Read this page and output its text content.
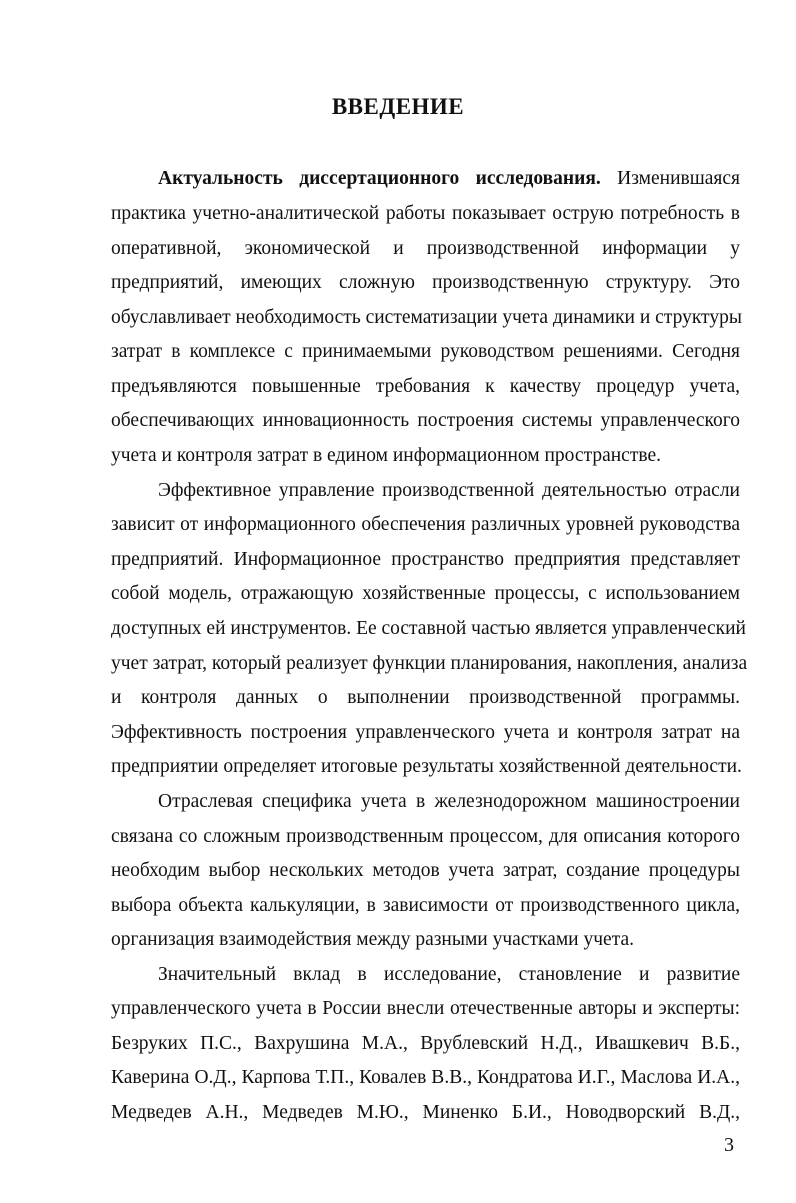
ВВЕДЕНИЕ
Актуальность диссертационного исследования. Изменившаяся
практика учетно-аналитической работы показывает острую потребность в
оперативной, экономической и производственной информации у
предприятий, имеющих сложную производственную структуру. Это
обуславливает необходимость систематизации учета динамики и структуры
затрат в комплексе с принимаемыми руководством решениями. Сегодня
предъявляются повышенные требования к качеству процедур учета,
обеспечивающих инновационность построения системы управленческого
учета и контроля затрат в едином информационном пространстве.
Эффективное управление производственной деятельностью отрасли
зависит от информационного обеспечения различных уровней руководства
предприятий. Информационное пространство предприятия представляет
собой модель, отражающую хозяйственные процессы, с использованием
доступных ей инструментов. Ее составной частью является управленческий
учет затрат, который реализует функции планирования, накопления, анализа
и контроля данных о выполнении производственной программы.
Эффективность построения управленческого учета и контроля затрат на
предприятии определяет итоговые результаты хозяйственной деятельности.
Отраслевая специфика учета в железнодорожном машиностроении
связана со сложным производственным процессом, для описания которого
необходим выбор нескольких методов учета затрат, создание процедуры
выбора объекта калькуляции, в зависимости от производственного цикла,
организация взаимодействия между разными участками учета.
Значительный вклад в исследование, становление и развитие
управленческого учета в России внесли отечественные авторы и эксперты:
Безруких П.С., Вахрушина М.А., Врублевский Н.Д., Ивашкевич В.Б.,
Каверина О.Д., Карпова Т.П., Ковалев В.В., Кондратова И.Г., Маслова И.А.,
Медведев А.Н., Медведев М.Ю., Миненко Б.И., Новодворский В.Д.,
3
